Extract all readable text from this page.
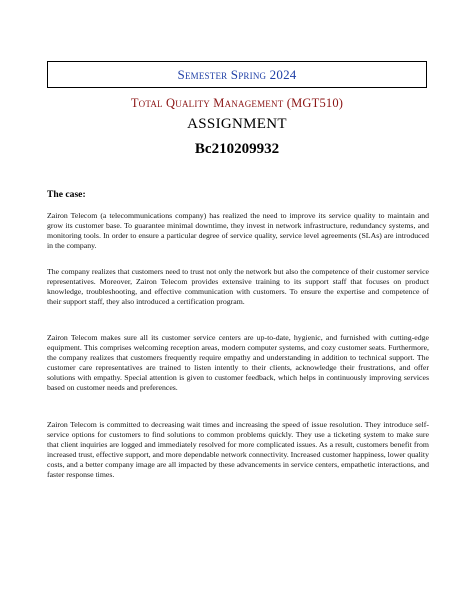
Semester Spring 2024
Total Quality Management (MGT510)
ASSIGNMENT
Bc210209932
The case:

Zairon Telecom (a telecommunications company) has realized the need to improve its service quality to maintain and grow its customer base. To guarantee minimal downtime, they invest in network infrastructure, redundancy systems, and monitoring tools. In order to ensure a particular degree of service quality, service level agreements (SLAs) are introduced in the company.

The company realizes that customers need to trust not only the network but also the competence of their customer service representatives. Moreover, Zairon Telecom provides extensive training to its support staff that focuses on product knowledge, troubleshooting, and effective communication with customers. To ensure the expertise and competence of their support staff, they also introduced a certification program.

Zairon Telecom makes sure all its customer service centers are up-to-date, hygienic, and furnished with cutting-edge equipment. This comprises welcoming reception areas, modern computer systems, and cozy customer seats. Furthermore, the company realizes that customers frequently require empathy and understanding in addition to technical support. The customer care representatives are trained to listen intently to their clients, acknowledge their frustrations, and offer solutions with empathy. Special attention is given to customer feedback, which helps in continuously improving services based on customer needs and preferences.

Zairon Telecom is committed to decreasing wait times and increasing the speed of issue resolution. They introduce self-service options for customers to find solutions to common problems quickly. They use a ticketing system to make sure that client inquiries are logged and immediately resolved for more complicated issues. As a result, customers benefit from increased trust, effective support, and more dependable network connectivity. Increased customer happiness, lower quality costs, and a better company image are all impacted by these advancements in service centers, empathetic interactions, and faster response times.
